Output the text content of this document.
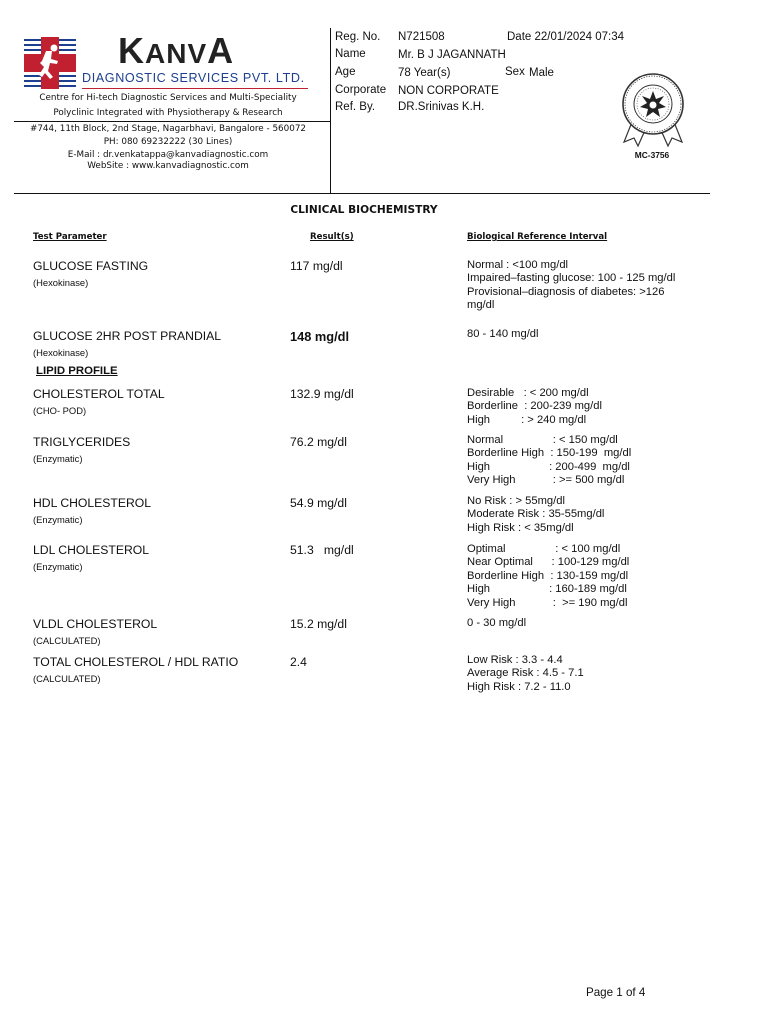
KANVA
DIAGNOSTIC SERVICES PVT. LTD.
Centre for Hi-tech Diagnostic Services and Multi-Speciality
Polyclinic Integrated with Physiotherapy & Research
#744, 11th Block, 2nd Stage, Nagarbhavi, Bangalore - 560072
PH: 080 69232222 (30 Lines)
E-Mail : dr.venkatappa@kanvadiagnostic.com
WebSite : www.kanvadiagnostic.com
Reg. No. N721508	Date 22/01/2024 07:34
Name	Mr. B J JAGANNATH
Age	78 Year(s)	Sex Male
Corporate NON CORPORATE
Ref. By. DR.Srinivas K.H.
MC-3756
CLINICAL BIOCHEMISTRY
Test Parameter	Result(s)	Biological Reference Interval
GLUCOSE FASTING
(Hexokinase)
117 mg/dl	Normal : <100 mg/dl
Impaired–fasting glucose: 100 - 125 mg/dl
Provisional–diagnosis of diabetes: >126
mg/dl
GLUCOSE 2HR POST PRANDIAL
(Hexokinase)
148 mg/dl	80 - 140 mg/dl
LIPID PROFILE
CHOLESTEROL TOTAL
(CHO- POD)
132.9 mg/dl	Desirable   : < 200 mg/dl
Borderline  : 200-239 mg/dl
High          : > 240 mg/dl
TRIGLYCERIDES
(Enzymatic)
76.2 mg/dl	Normal                : < 150 mg/dl
Borderline High  : 150-199  mg/dl
High                   : 200-499  mg/dl
Very High            : >= 500 mg/dl
HDL CHOLESTEROL
(Enzymatic)
54.9 mg/dl	No Risk : > 55mg/dl
Moderate Risk : 35-55mg/dl
High Risk : < 35mg/dl
LDL CHOLESTEROL
(Enzymatic)
51.3   mg/dl	Optimal                : < 100 mg/dl
Near Optimal      : 100-129 mg/dl
Borderline High  : 130-159 mg/dl
High                   : 160-189 mg/dl
Very High            :  >= 190 mg/dl
VLDL CHOLESTEROL
(CALCULATED)
15.2 mg/dl	0 - 30 mg/dl
TOTAL CHOLESTEROL / HDL RATIO
(CALCULATED)
2.4	Low Risk : 3.3 - 4.4
Average Risk : 4.5 - 7.1
High Risk : 7.2 - 11.0
Page 1 of 4
